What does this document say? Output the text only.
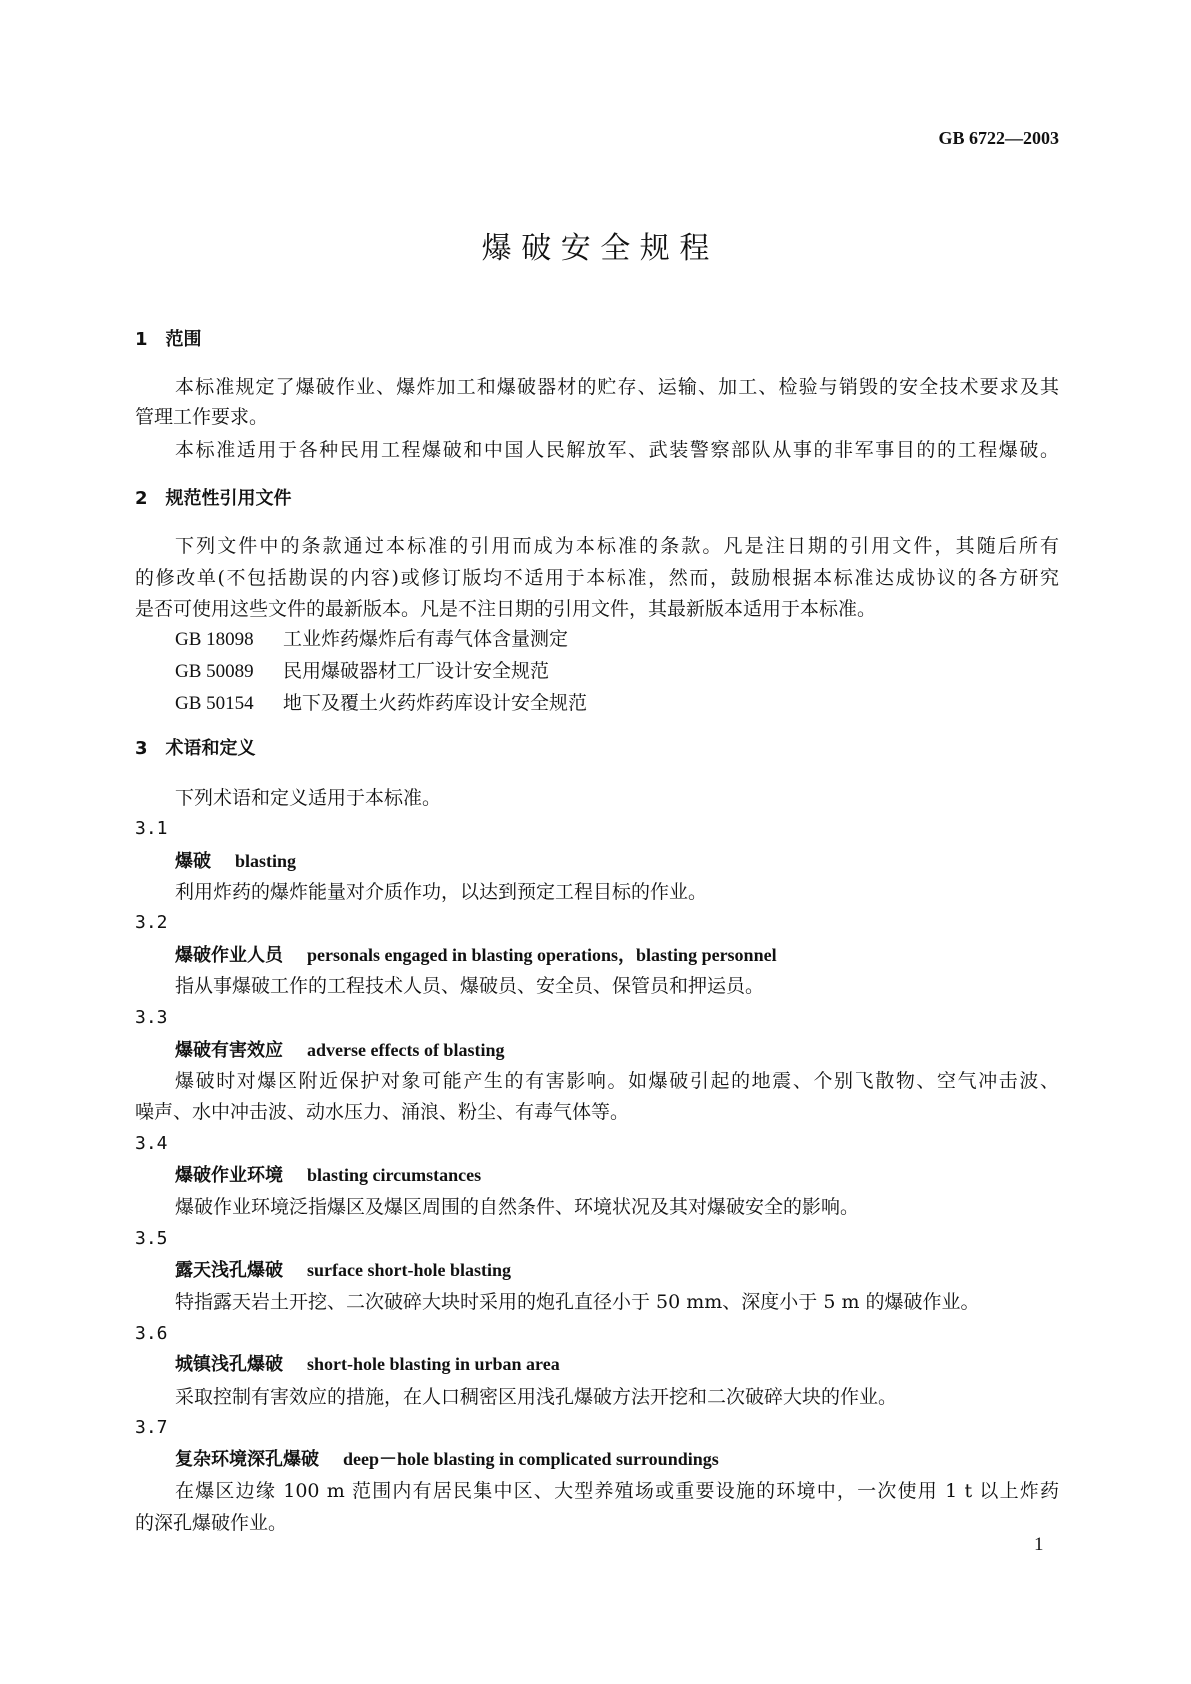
GB 6722—2003
爆 破 安 全 规 程
1　范围
本标准规定了爆破作业、爆炸加工和爆破器材的贮存、运输、加工、检验与销毁的安全技术要求及其
管理工作要求。
本标准适用于各种民用工程爆破和中国人民解放军、武装警察部队从事的非军事目的的工程爆破。
2　规范性引用文件
下列文件中的条款通过本标准的引用而成为本标准的条款。凡是注日期的引用文件，其随后所有
的修改单(不包括勘误的内容)或修订版均不适用于本标准，然而，鼓励根据本标准达成协议的各方研究
是否可使用这些文件的最新版本。凡是不注日期的引用文件，其最新版本适用于本标准。
GB 18098 工业炸药爆炸后有毒气体含量测定
GB 50089 民用爆破器材工厂设计安全规范
GB 50154 地下及覆土火药炸药库设计安全规范
3　术语和定义
下列术语和定义适用于本标准。
3.1
爆破 blasting
利用炸药的爆炸能量对介质作功，以达到预定工程目标的作业。
3.2
爆破作业人员 personals engaged in blasting operations，blasting personnel
指从事爆破工作的工程技术人员、爆破员、安全员、保管员和押运员。
3.3
爆破有害效应 adverse effects of blasting
爆破时对爆区附近保护对象可能产生的有害影响。如爆破引起的地震、个别飞散物、空气冲击波、
噪声、水中冲击波、动水压力、涌浪、粉尘、有毒气体等。
3.4
爆破作业环境 blasting circumstances
爆破作业环境泛指爆区及爆区周围的自然条件、环境状况及其对爆破安全的影响。
3.5
露天浅孔爆破 surface short-hole blasting
特指露天岩土开挖、二次破碎大块时采用的炮孔直径小于 50 mm、深度小于 5 m 的爆破作业。
3.6
城镇浅孔爆破 short-hole blasting in urban area
采取控制有害效应的措施，在人口稠密区用浅孔爆破方法开挖和二次破碎大块的作业。
3.7
复杂环境深孔爆破 deep－hole blasting in complicated surroundings
在爆区边缘 100 m 范围内有居民集中区、大型养殖场或重要设施的环境中，一次使用 1 t 以上炸药
的深孔爆破作业。
1
